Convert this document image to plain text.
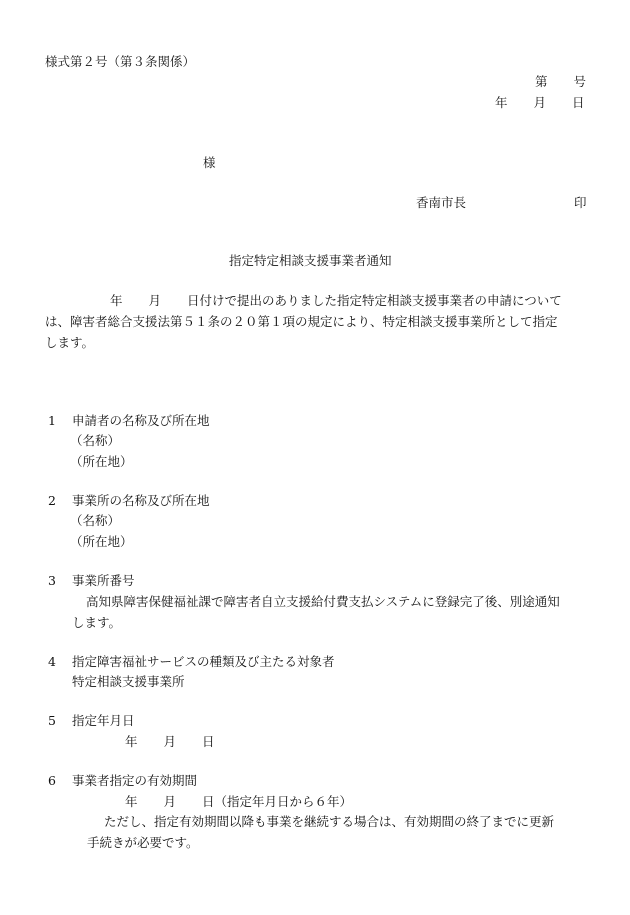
様式第２号（第３条関係）
第 号
年 月 日
様
香南市長	印
指定特定相談支援事業者通知
年 月 日付けで提出のありました指定特定相談支援事業者の申請について
は、障害者総合支援法第５１条の２０第１項の規定により、特定相談支援事業所として指定
します。
1 申請者の名称及び所在地
（名称）
（所在地）
2 事業所の名称及び所在地
（名称）
（所在地）
3 事業所番号
高知県障害保健福祉課で障害者自立支援給付費支払システムに登録完了後、別途通知
します。
4 指定障害福祉サービスの種類及び主たる対象者
特定相談支援事業所
5 指定年月日
年 月 日
6 事業者指定の有効期間
年 月 日（指定年月日から６年）
ただし、指定有効期間以降も事業を継続する場合は、有効期間の終了までに更新
手続きが必要です。
